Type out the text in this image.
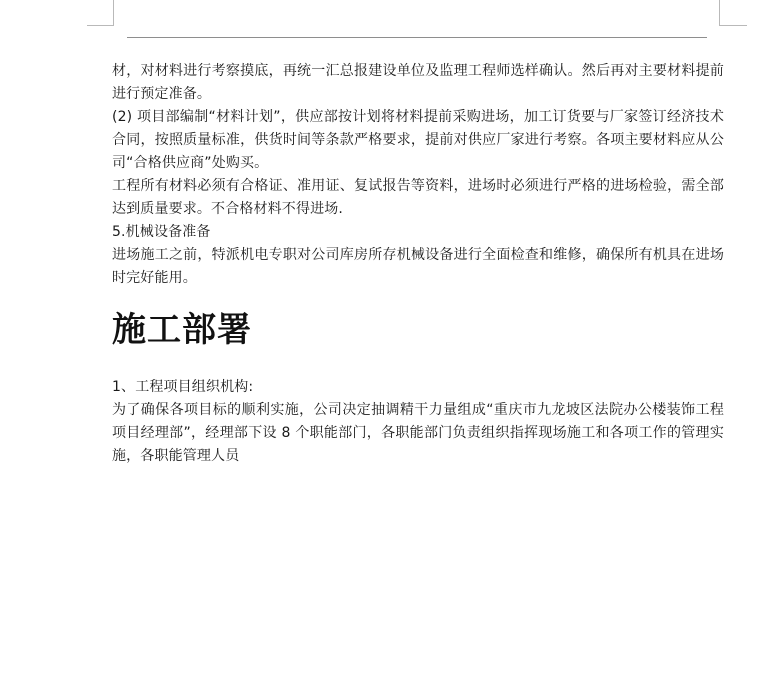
材，对材料进行考察摸底，再统一汇总报建设单位及监理工程师选样确认。然后再对主要材料提前进行预定准备。

(2) 项目部编制“材料计划”，供应部按计划将材料提前采购进场，加工订货要与厂家签订经济技术合同，按照质量标准，供货时间等条款严格要求，提前对供应厂家进行考察。各项主要材料应从公司“合格供应商”处购买。

工程所有材料必须有合格证、准用证、复试报告等资料，进场时必须进行严格的进场检验，需全部达到质量要求。不合格材料不得进场.

5.机械设备准备

进场施工之前，特派机电专职对公司库房所存机械设备进行全面检查和维修，确保所有机具在进场时完好能用。

施工部署

1、工程项目组织机构:

为了确保各项目标的顺利实施，公司决定抽调精干力量组成“重庆市九龙坡区法院办公楼装饰工程项目经理部”，经理部下设 8 个职能部门，各职能部门负责组织指挥现场施工和各项工作的管理实施，各职能管理人员
